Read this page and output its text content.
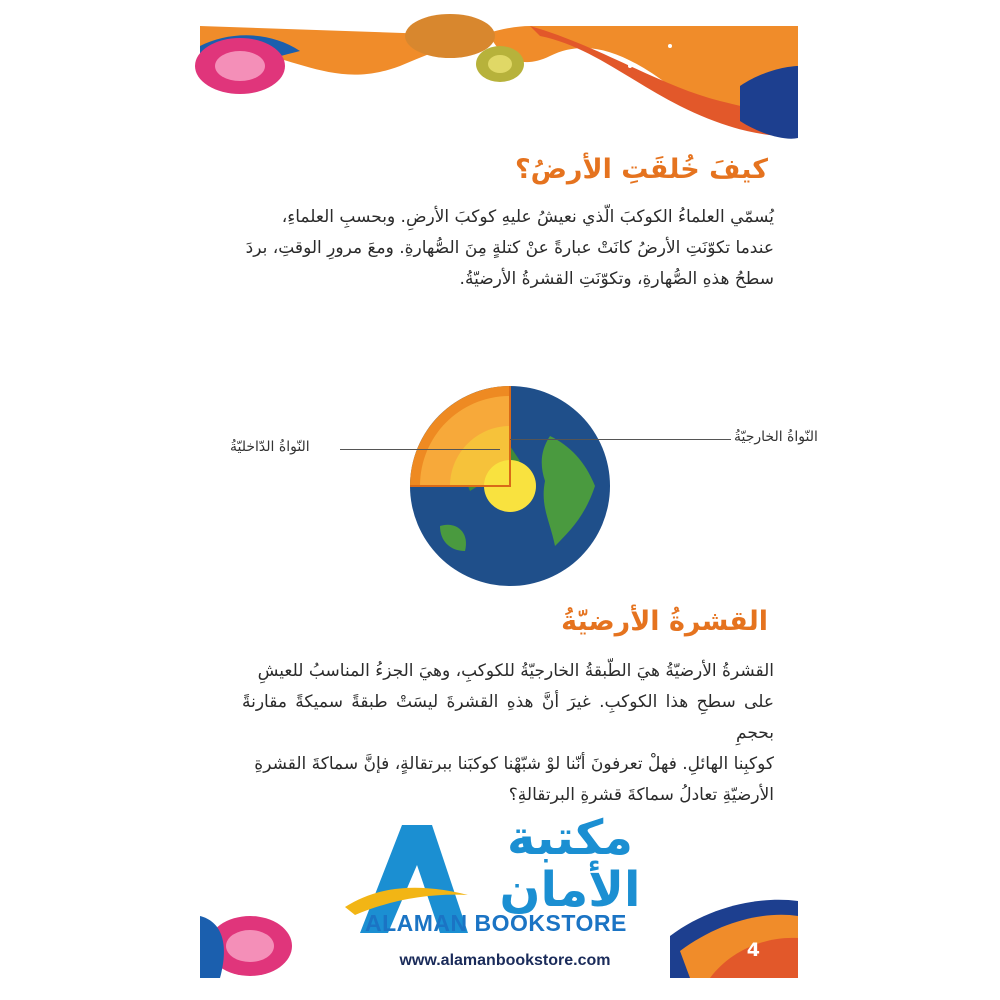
كيفَ خُلقَتِ الأرضُ؟
يُسمّي العلماءُ الكوكبَ الّذي نعيشُ عليهِ كوكبَ الأرضِ. وبحسبِ العلماءِ،
عندما تكوّنَتِ الأرضُ كانَتْ عبارةً عنْ كتلةٍ مِنَ الصُّهارةِ. ومعَ مرورِ الوقتِ، بردَ
سطحُ هذهِ الصُّهارةِ، وتكوّنَتِ القشرةُ الأرضيّةُ.
النّواةُ الخارجيّةُ
النّواةُ الدّاخليّةُ
القشرةُ الأرضيّةُ
القشرةُ الأرضيّةُ هيَ الطّبقةُ الخارجيّةُ للكوكبِ، وهيَ الجزءُ المناسبُ للعيشِ
على سطحِ هذا الكوكبِ. غيرَ أنَّ هذهِ القشرةَ ليسَتْ طبقةً سميكةً مقارنةً بحجمِ
كوكبِنا الهائلِ. فهلْ تعرفونَ أنّنا لوْ شبّهْنا كوكبَنا ببرتقالةٍ، فإنَّ سماكةَ القشرةِ
الأرضيّةِ تعادلُ سماكةَ قشرةِ البرتقالةِ؟
4
مكتبة
الأمان
ALAMAN BOOKSTORE
www.alamanbookstore.com
